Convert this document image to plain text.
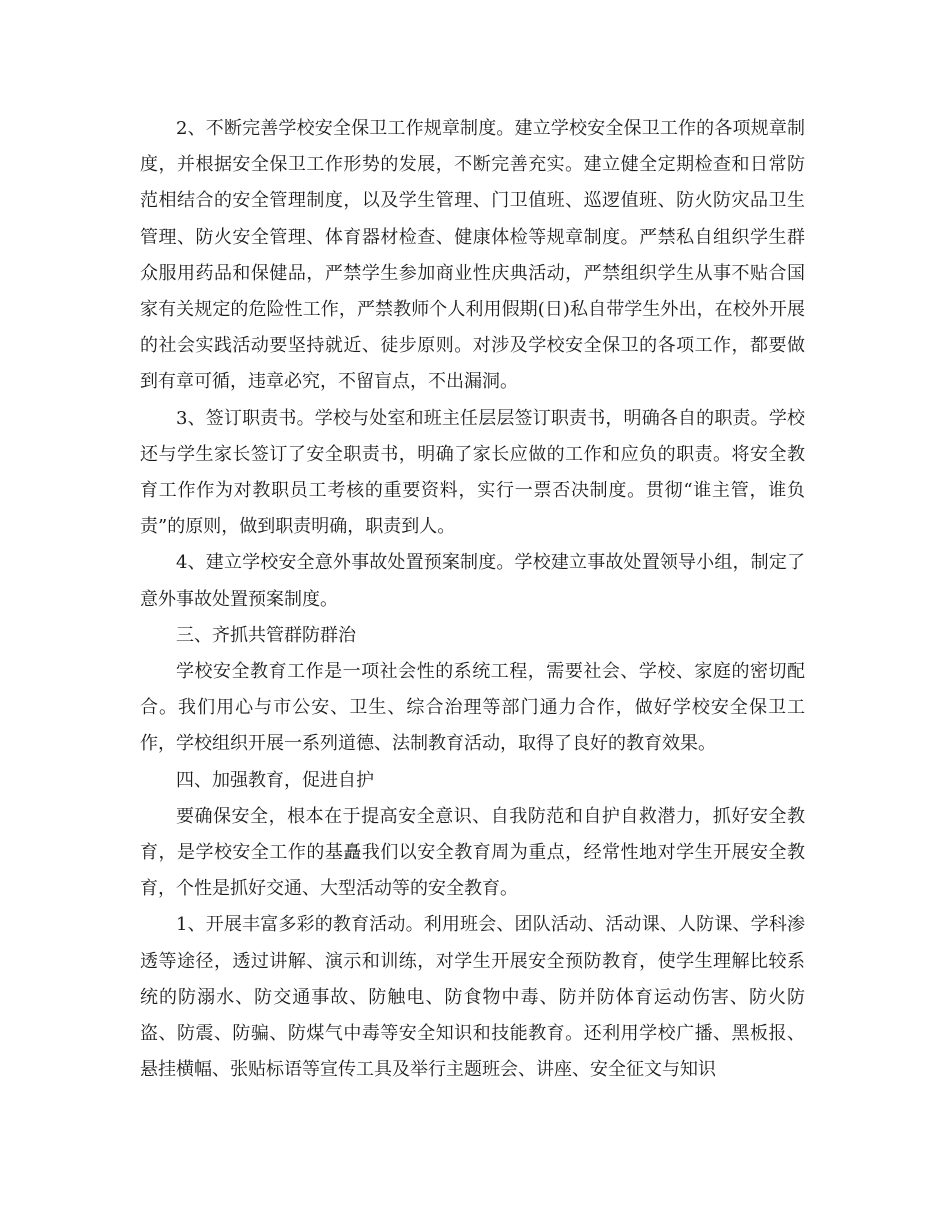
2、不断完善学校安全保卫工作规章制度。建立学校安全保卫工作的各项规章制度，并根据安全保卫工作形势的发展，不断完善充实。建立健全定期检查和日常防范相结合的安全管理制度，以及学生管理、门卫值班、巡逻值班、防火防灾品卫生管理、防火安全管理、体育器材检查、健康体检等规章制度。严禁私自组织学生群众服用药品和保健品，严禁学生参加商业性庆典活动，严禁组织学生从事不贴合国家有关规定的危险性工作，严禁教师个人利用假期(日)私自带学生外出，在校外开展的社会实践活动要坚持就近、徒步原则。对涉及学校安全保卫的各项工作，都要做到有章可循，违章必究，不留盲点，不出漏洞。

3、签订职责书。学校与处室和班主任层层签订职责书，明确各自的职责。学校还与学生家长签订了安全职责书，明确了家长应做的工作和应负的职责。将安全教育工作作为对教职员工考核的重要资料，实行一票否决制度。贯彻“谁主管，谁负责”的原则，做到职责明确，职责到人。

4、建立学校安全意外事故处置预案制度。学校建立事故处置领导小组，制定了意外事故处置预案制度。

三、齐抓共管群防群治

学校安全教育工作是一项社会性的系统工程，需要社会、学校、家庭的密切配合。我们用心与市公安、卫生、综合治理等部门通力合作，做好学校安全保卫工作，学校组织开展一系列道德、法制教育活动，取得了良好的教育效果。

四、加强教育，促进自护

要确保安全，根本在于提高安全意识、自我防范和自护自救潜力，抓好安全教育，是学校安全工作的基矗我们以安全教育周为重点，经常性地对学生开展安全教育，个性是抓好交通、大型活动等的安全教育。

1、开展丰富多彩的教育活动。利用班会、团队活动、活动课、人防课、学科渗透等途径，透过讲解、演示和训练，对学生开展安全预防教育，使学生理解比较系统的防溺水、防交通事故、防触电、防食物中毒、防并防体育运动伤害、防火防盗、防震、防骗、防煤气中毒等安全知识和技能教育。还利用学校广播、黑板报、悬挂横幅、张贴标语等宣传工具及举行主题班会、讲座、安全征文与知识
